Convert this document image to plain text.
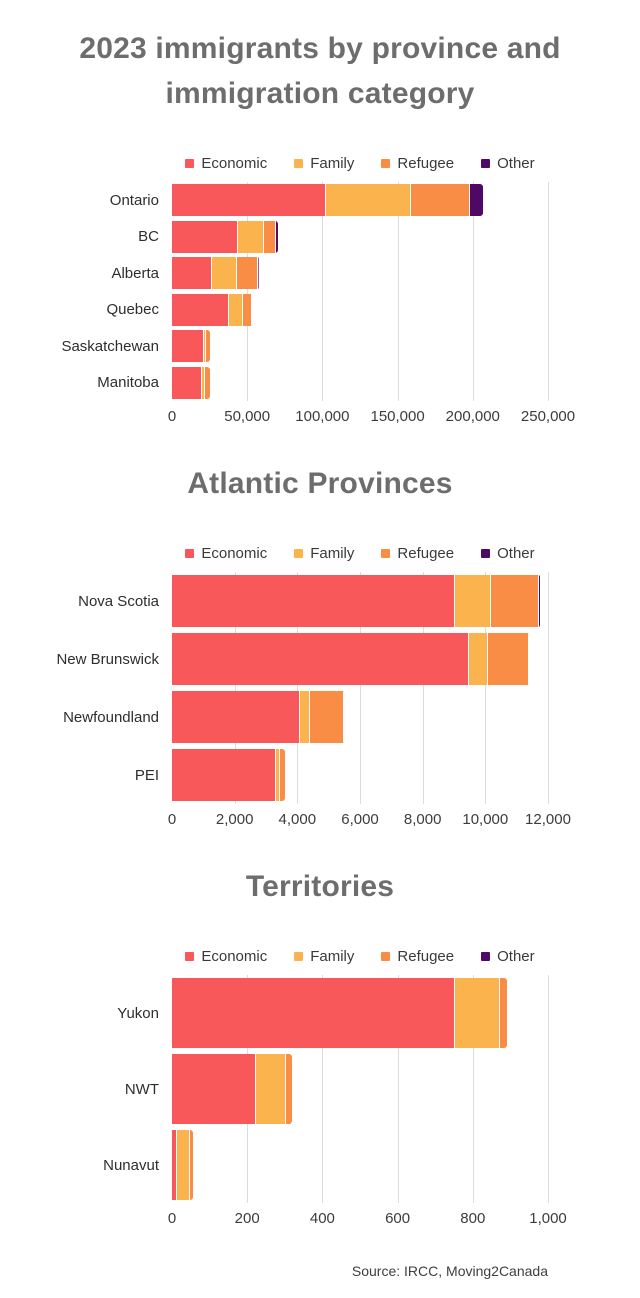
2023 immigrants by province and immigration category
Economic	Family	Refugee	Other
Ontario
BC
Alberta
Quebec
Saskatchewan
Manitoba
0	50,000 100,000 150,000 200,000 250,000
Atlantic Provinces
Economic	Family	Refugee	Other
Nova Scotia
New Brunswick
Newfoundland
PEI
0	2,000 4,000 6,000 8,000 10,000 12,000
Territories
Economic	Family	Refugee	Other
Yukon
NWT
Nunavut
0	200	400	600	800	1,000
Source: IRCC, Moving2Canada
